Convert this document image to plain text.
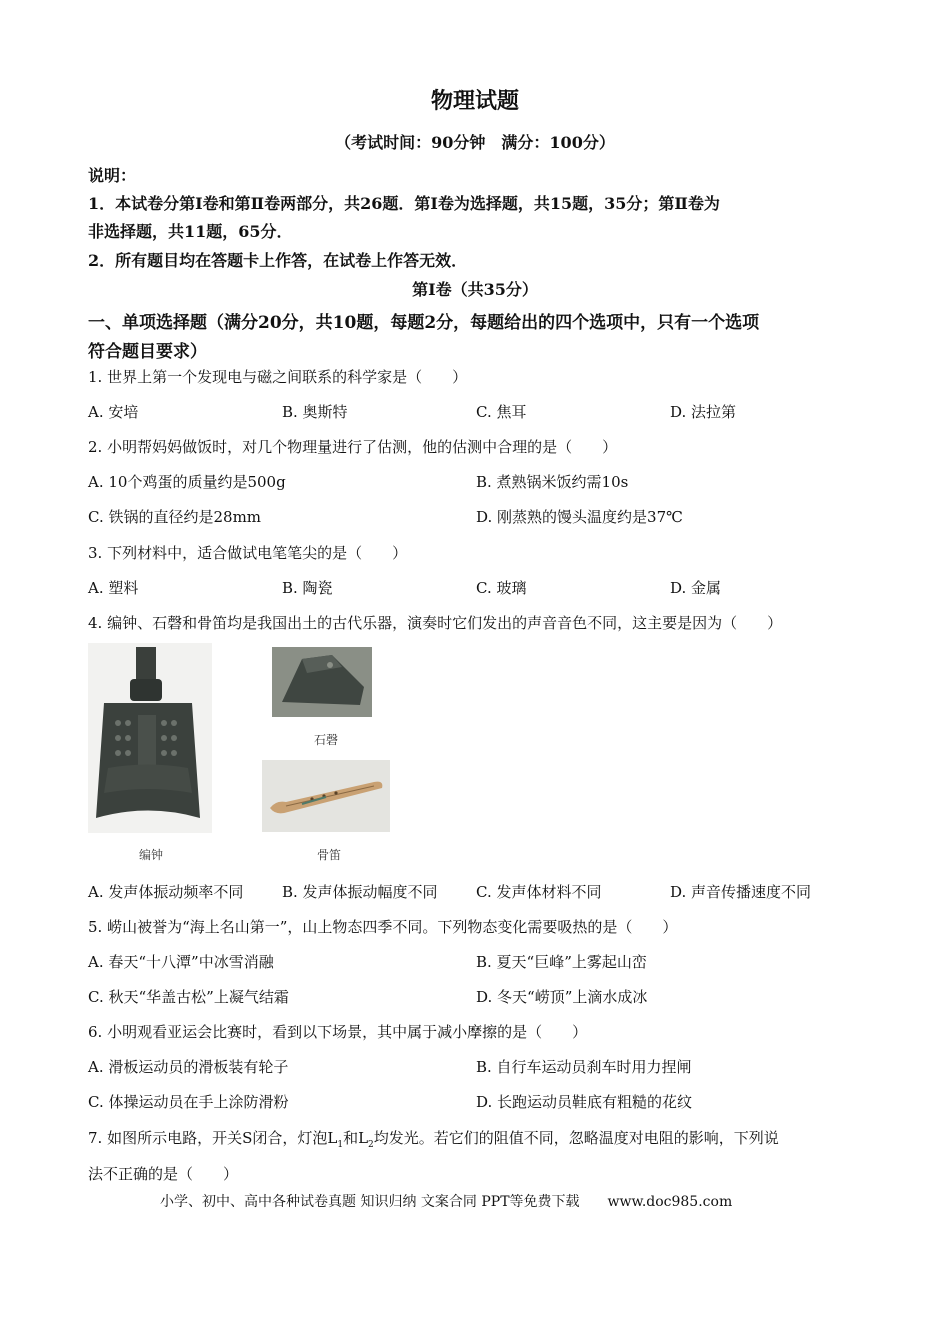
物理试题
（考试时间：90分钟　满分：100分）
说明：
1．本试卷分第Ⅰ卷和第Ⅱ卷两部分，共26题．第Ⅰ卷为选择题，共15题，35分；第Ⅱ卷为
非选择题，共11题，65分．
2．所有题目均在答题卡上作答，在试卷上作答无效．
第Ⅰ卷（共35分）
一、单项选择题（满分20分，共10题，每题2分，每题给出的四个选项中，只有一个选项
符合题目要求）
1. 世界上第一个发现电与磁之间联系的科学家是（　　）
A. 安培	B. 奥斯特	C. 焦耳	D. 法拉第
2. 小明帮妈妈做饭时，对几个物理量进行了估测，他的估测中合理的是（　　）
A. 10个鸡蛋的质量约是500g	B. 煮熟锅米饭约需10s
C. 铁锅的直径约是28mm	D. 刚蒸熟的馒头温度约是37℃
3. 下列材料中，适合做试电笔笔尖的是（　　）
A. 塑料	B. 陶瓷	C. 玻璃	D. 金属
4. 编钟、石磬和骨笛均是我国出土的古代乐器，演奏时它们发出的声音音色不同，这主要是因为（　　）
编钟
石磬
骨笛
A. 发声体振动频率不同	B. 发声体振动幅度不同	C. 发声体材料不同	D. 声音传播速度不同
5. 崂山被誉为“海上名山第一”，山上物态四季不同。下列物态变化需要吸热的是（　　）
A. 春天“十八潭”中冰雪消融	B. 夏天“巨峰”上雾起山峦
C. 秋天“华盖古松”上凝气结霜	D. 冬天“崂顶”上滴水成冰
6. 小明观看亚运会比赛时，看到以下场景，其中属于减小摩擦的是（　　）
A. 滑板运动员的滑板装有轮子	B. 自行车运动员刹车时用力捏闸
C. 体操运动员在手上涂防滑粉	D. 长跑运动员鞋底有粗糙的花纹
7. 如图所示电路，开关S闭合，灯泡$L_1$和$L_2$均发光。若它们的阻值不同，忽略温度对电阻的影响，下列说
法不正确的是（　　）
小学、初中、高中各种试卷真题 知识归纳 文案合同 PPT等免费下载　　www.doc985.com
